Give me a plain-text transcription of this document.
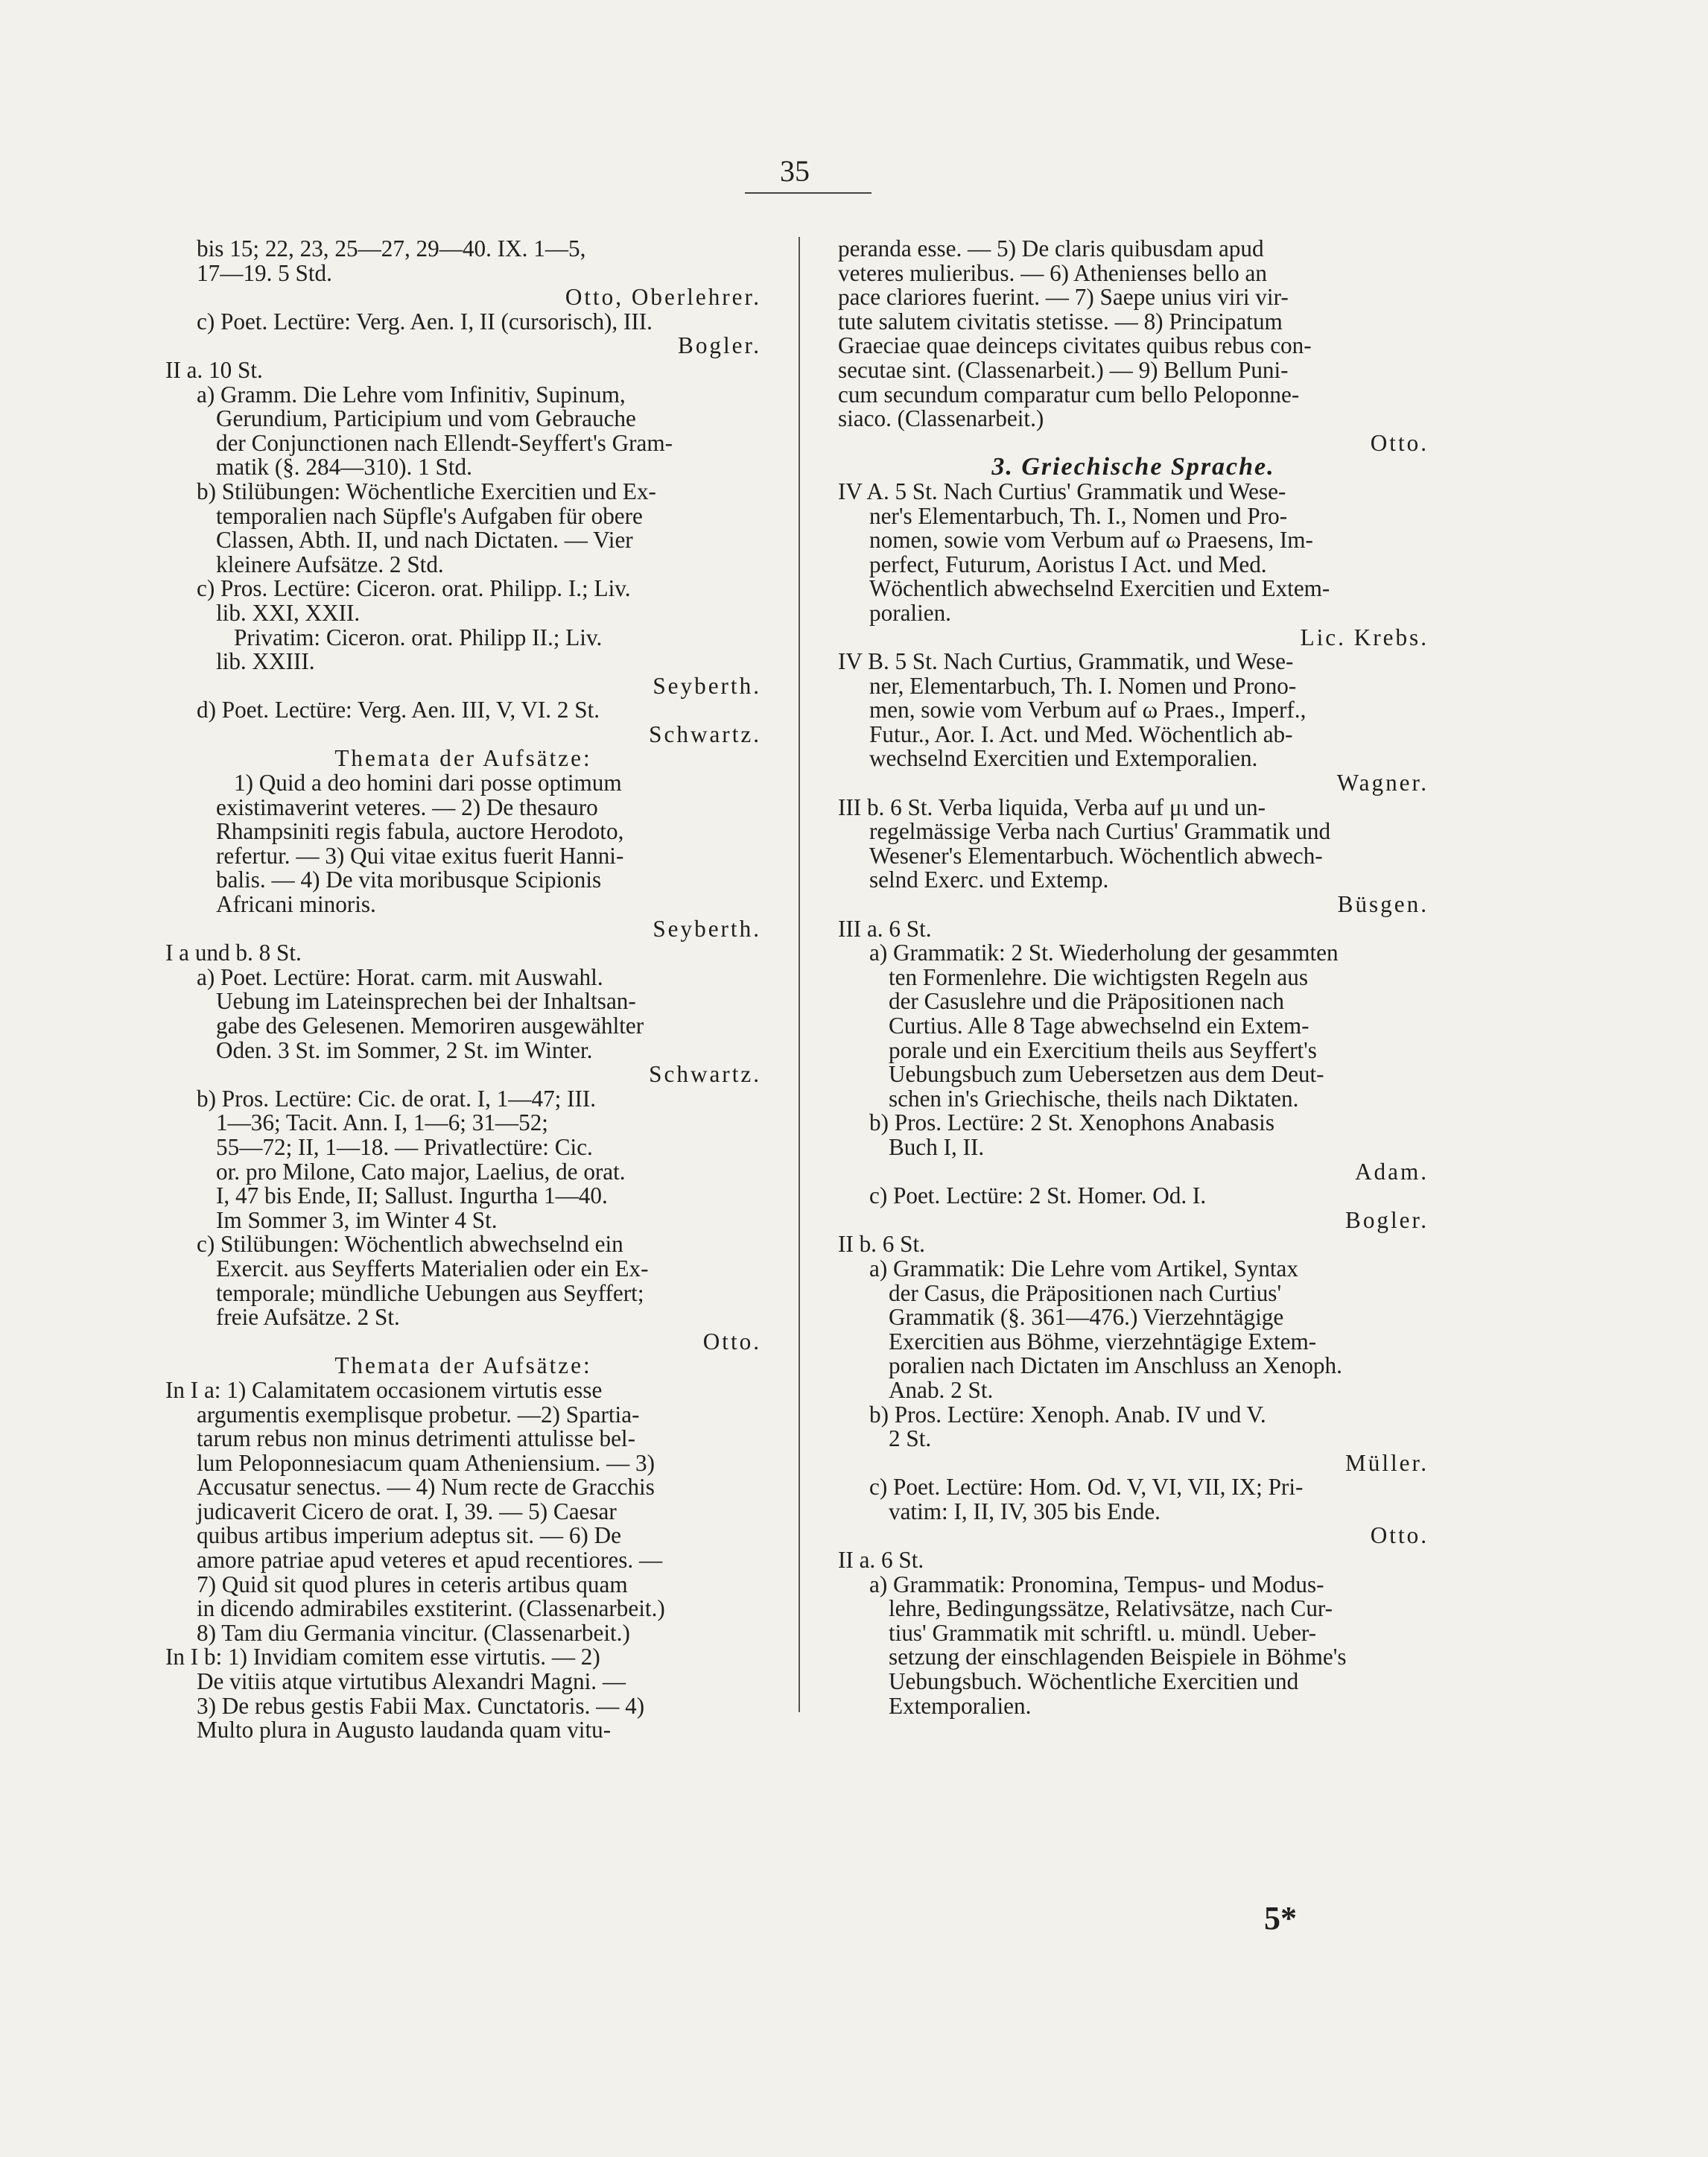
35
bis 15; 22, 23, 25—27, 29—40. IX. 1—5,
17—19. 5 Std.
Otto, Oberlehrer.
c) Poet. Lectüre: Verg. Aen. I, II (cursorisch), III.
Bogler.
II a. 10 St.
a) Gramm. Die Lehre vom Infinitiv, Supinum,
Gerundium, Participium und vom Gebrauche
der Conjunctionen nach Ellendt-Seyffert's Gram-
matik (§. 284—310). 1 Std.
b) Stilübungen: Wöchentliche Exercitien und Ex-
temporalien nach Süpfle's Aufgaben für obere
Classen, Abth. II, und nach Dictaten. — Vier
kleinere Aufsätze. 2 Std.
c) Pros. Lectüre: Ciceron. orat. Philipp. I.; Liv.
lib. XXI, XXII.
Privatim: Ciceron. orat. Philipp II.; Liv.
lib. XXIII.
Seyberth.
d) Poet. Lectüre: Verg. Aen. III, V, VI. 2 St.
Schwartz.
Themata der Aufsätze:
1) Quid a deo homini dari posse optimum
existimaverint veteres. — 2) De thesauro
Rhampsiniti regis fabula, auctore Herodoto,
refertur. — 3) Qui vitae exitus fuerit Hanni-
balis. — 4) De vita moribusque Scipionis
Africani minoris.
Seyberth.
I a und b. 8 St.
a) Poet. Lectüre: Horat. carm. mit Auswahl.
Uebung im Lateinsprechen bei der Inhaltsan-
gabe des Gelesenen. Memoriren ausgewählter
Oden. 3 St. im Sommer, 2 St. im Winter.
Schwartz.
b) Pros. Lectüre: Cic. de orat. I, 1—47; III.
1—36; Tacit. Ann. I, 1—6; 31—52;
55—72; II, 1—18. — Privatlectüre: Cic.
or. pro Milone, Cato major, Laelius, de orat.
I, 47 bis Ende, II; Sallust. Ingurtha 1—40.
Im Sommer 3, im Winter 4 St.
c) Stilübungen: Wöchentlich abwechselnd ein
Exercit. aus Seyfferts Materialien oder ein Ex-
temporale; mündliche Uebungen aus Seyffert;
freie Aufsätze. 2 St.
Otto.
Themata der Aufsätze:
In I a: 1) Calamitatem occasionem virtutis esse
argumentis exemplisque probetur. —2) Spartia-
tarum rebus non minus detrimenti attulisse bel-
lum Peloponnesiacum quam Atheniensium. — 3)
Accusatur senectus. — 4) Num recte de Gracchis
judicaverit Cicero de orat. I, 39. — 5) Caesar
quibus artibus imperium adeptus sit. — 6) De
amore patriae apud veteres et apud recentiores. —
7) Quid sit quod plures in ceteris artibus quam
in dicendo admirabiles exstiterint. (Classenarbeit.)
8) Tam diu Germania vincitur. (Classenarbeit.)
In I b: 1) Invidiam comitem esse virtutis. — 2)
De vitiis atque virtutibus Alexandri Magni. —
3) De rebus gestis Fabii Max. Cunctatoris. — 4)
Multo plura in Augusto laudanda quam vitu-
peranda esse. — 5) De claris quibusdam apud
veteres mulieribus. — 6) Athenienses bello an
pace clariores fuerint. — 7) Saepe unius viri vir-
tute salutem civitatis stetisse. — 8) Principatum
Graeciae quae deinceps civitates quibus rebus con-
secutae sint. (Classenarbeit.) — 9) Bellum Puni-
cum secundum comparatur cum bello Peloponne-
siaco. (Classenarbeit.)
Otto.
3. Griechische Sprache.
IV A. 5 St. Nach Curtius' Grammatik und Wese-
ner's Elementarbuch, Th. I., Nomen und Pro-
nomen, sowie vom Verbum auf ω Praesens, Im-
perfect, Futurum, Aoristus I Act. und Med.
Wöchentlich abwechselnd Exercitien und Extem-
poralien.
Lic. Krebs.
IV B. 5 St. Nach Curtius, Grammatik, und Wese-
ner, Elementarbuch, Th. I. Nomen und Prono-
men, sowie vom Verbum auf ω Praes., Imperf.,
Futur., Aor. I. Act. und Med. Wöchentlich ab-
wechselnd Exercitien und Extemporalien.
Wagner.
III b. 6 St. Verba liquida, Verba auf μι und un-
regelmässige Verba nach Curtius' Grammatik und
Wesener's Elementarbuch. Wöchentlich abwech-
selnd Exerc. und Extemp.
Büsgen.
III a. 6 St.
a) Grammatik: 2 St. Wiederholung der gesammten
ten Formenlehre. Die wichtigsten Regeln aus
der Casuslehre und die Präpositionen nach
Curtius. Alle 8 Tage abwechselnd ein Extem-
porale und ein Exercitium theils aus Seyffert's
Uebungsbuch zum Uebersetzen aus dem Deut-
schen in's Griechische, theils nach Diktaten.
b) Pros. Lectüre: 2 St. Xenophons Anabasis
Buch I, II.
Adam.
c) Poet. Lectüre: 2 St. Homer. Od. I.
Bogler.
II b. 6 St.
a) Grammatik: Die Lehre vom Artikel, Syntax
der Casus, die Präpositionen nach Curtius'
Grammatik (§. 361—476.) Vierzehntägige
Exercitien aus Böhme, vierzehntägige Extem-
poralien nach Dictaten im Anschluss an Xenoph.
Anab. 2 St.
b) Pros. Lectüre: Xenoph. Anab. IV und V.
2 St.
Müller.
c) Poet. Lectüre: Hom. Od. V, VI, VII, IX; Pri-
vatim: I, II, IV, 305 bis Ende.
Otto.
II a. 6 St.
a) Grammatik: Pronomina, Tempus- und Modus-
lehre, Bedingungssätze, Relativsätze, nach Cur-
tius' Grammatik mit schriftl. u. mündl. Ueber-
setzung der einschlagenden Beispiele in Böhme's
Uebungsbuch. Wöchentliche Exercitien und
Extemporalien.
5*
